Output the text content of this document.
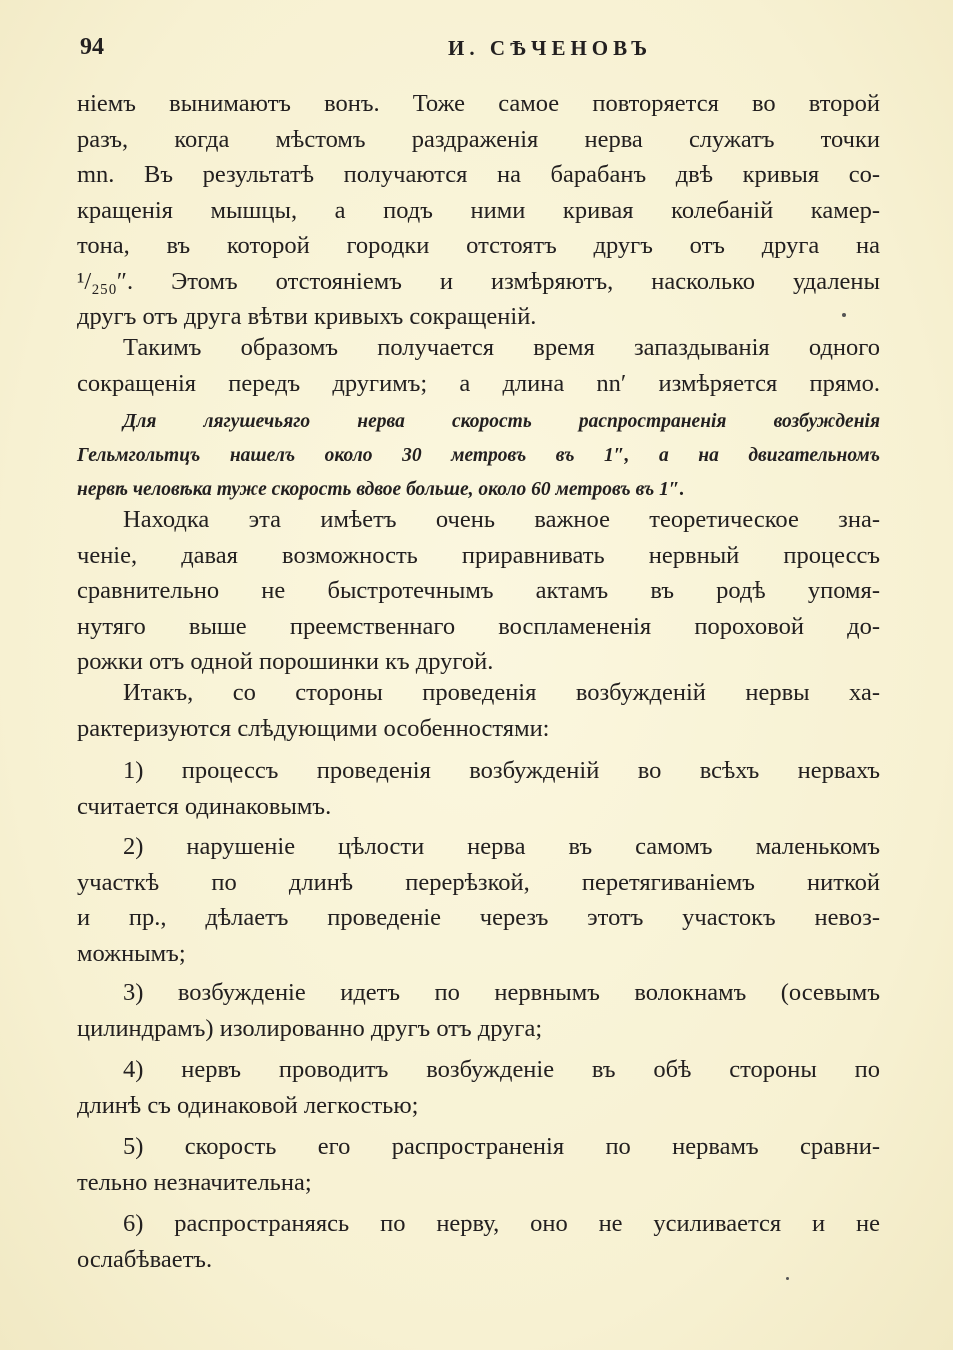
94	И. СѢЧЕНОВЪ
ніемъ вынимаютъ вонъ. Тоже самое повторяется во второй
разъ, когда мѣстомъ раздраженія нерва служатъ точки
mn. Въ результатѣ получаются на барабанъ двѣ кривыя со-
кращенія мышцы, а подъ ними кривая колебаній камер-
тона, въ которой городки отстоятъ другъ отъ друга на
¹/₂₅₀″. Этомъ отстояніемъ и измѣряютъ, насколько удалены
другъ отъ друга вѣтви кривыхъ сокращеній.
Такимъ образомъ получается время запаздыванія одного
сокращенія передъ другимъ; а длина nn′ измѣряется прямо.
Для лягушечьяго нерва скорость распространенія возбужденія
Гельмгольтцъ нашелъ около 30 метровъ въ 1″, а на двигательномъ
нервѣ человѣка тужe скорость вдвое больше, около 60 метровъ въ 1″.
Находка эта имѣетъ очень важное теоретическое зна-
ченіе, давая возможность приравнивать нервный процессъ
сравнительно не быстротечнымъ актамъ въ родѣ упомя-
нутяго выше преемственнаго воспламененія пороховой до-
рожки отъ одной порошинки къ другой.
Итакъ, со стороны проведенія возбужденій нервы ха-
рактеризуются слѣдующими особенностями:
1) процессъ проведенія возбужденій во всѣхъ нервахъ
считается одинаковымъ.
2) нарушеніе цѣлости нерва въ самомъ маленькомъ
участкѣ по длинѣ перерѣзкой, перетягиваніемъ ниткой
и пр., дѣлаетъ проведеніе черезъ этотъ участокъ невоз-
можнымъ;
3) возбужденіе идетъ по нервнымъ волокнамъ (осевымъ
цилиндрамъ) изолированно другъ отъ друга;
4) нервъ проводитъ возбужденіе въ обѣ стороны по
длинѣ съ одинаковой легкостью;
5) скорость его распространенія по нервамъ сравни-
тельно незначительна;
6) распространяясь по нерву, оно не усиливается и не
ослабѣваетъ.
